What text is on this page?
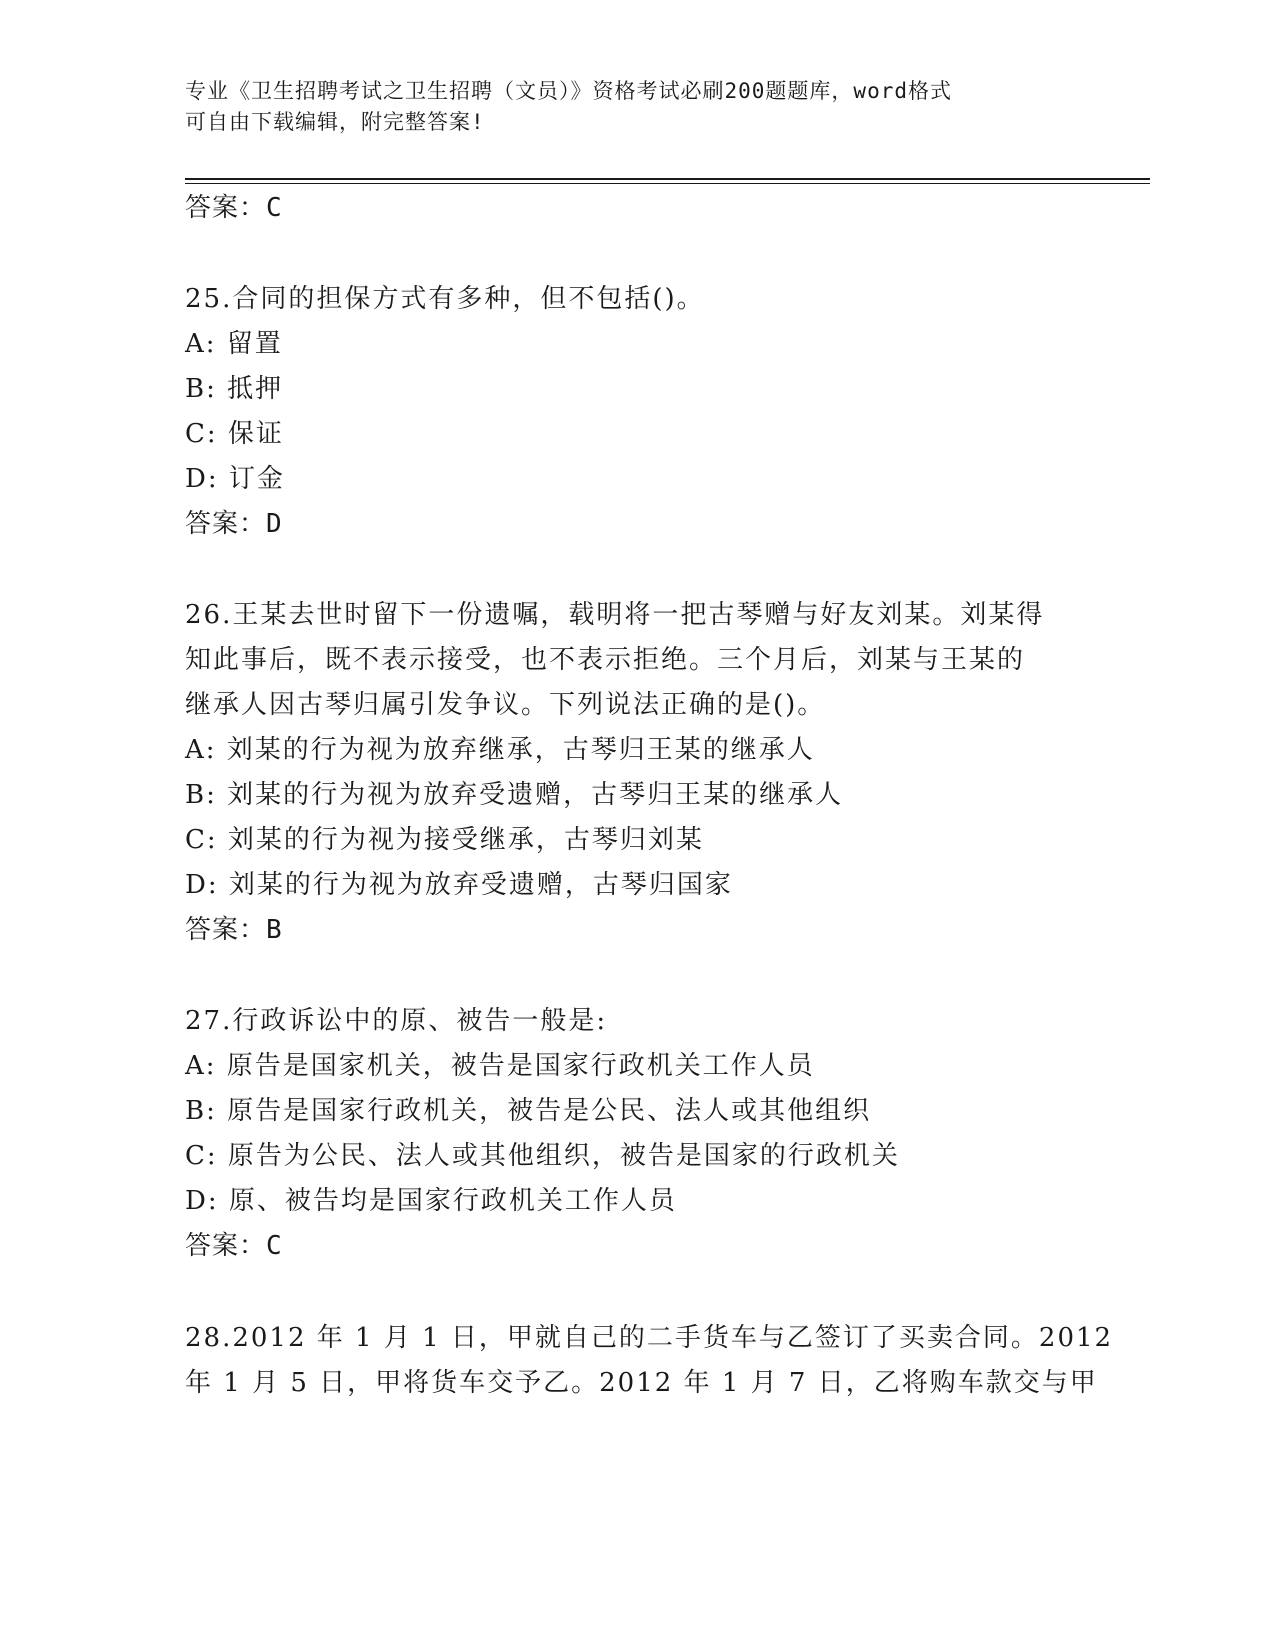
专业《卫生招聘考试之卫生招聘（文员）》资格考试必刷200题题库，word格式
可自由下载编辑，附完整答案!
答案：C
25.合同的担保方式有多种，但不包括()。
A: 留置
B: 抵押
C: 保证
D: 订金
答案：D
26.王某去世时留下一份遗嘱，载明将一把古琴赠与好友刘某。刘某得
知此事后，既不表示接受，也不表示拒绝。三个月后，刘某与王某的
继承人因古琴归属引发争议。下列说法正确的是()。
A: 刘某的行为视为放弃继承，古琴归王某的继承人
B: 刘某的行为视为放弃受遗赠，古琴归王某的继承人
C: 刘某的行为视为接受继承，古琴归刘某
D: 刘某的行为视为放弃受遗赠，古琴归国家
答案：B
27.行政诉讼中的原、被告一般是:
A: 原告是国家机关，被告是国家行政机关工作人员
B: 原告是国家行政机关，被告是公民、法人或其他组织
C: 原告为公民、法人或其他组织，被告是国家的行政机关
D: 原、被告均是国家行政机关工作人员
答案：C
28.2012 年 1 月 1 日，甲就自己的二手货车与乙签订了买卖合同。2012
年 1 月 5 日，甲将货车交予乙。2012 年 1 月 7 日，乙将购车款交与甲
